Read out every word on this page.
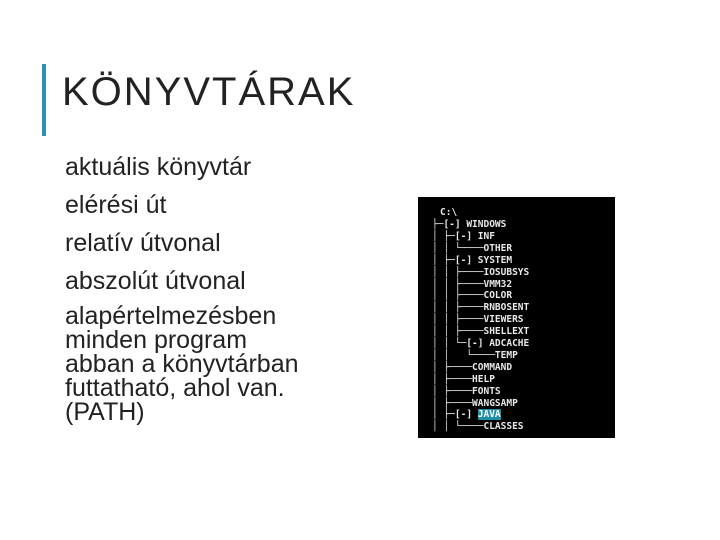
KÖNYVTÁRAK
aktuális könyvtár
elérési út
relatív útvonal
abszolút útvonal
alapértelmezésben
minden program
abban a könyvtárban
futtatható, ahol van.
(PATH)
C:\
├─[-] WINDOWS
│ ├─[-] INF
│ │ └────OTHER
│ ├─[-] SYSTEM
│ │ ├────IOSUBSYS
│ │ ├────VMM32
│ │ ├────COLOR
│ │ ├────RNBOSENT
│ │ ├────VIEWERS
│ │ ├────SHELLEXT
│ │ └─[-] ADCACHE
│ │   └────TEMP
│ ├────COMMAND
│ ├────HELP
│ ├────FONTS
│ ├────WANGSAMP
│ ├─[-] JAVA
│ │ └────CLASSES
